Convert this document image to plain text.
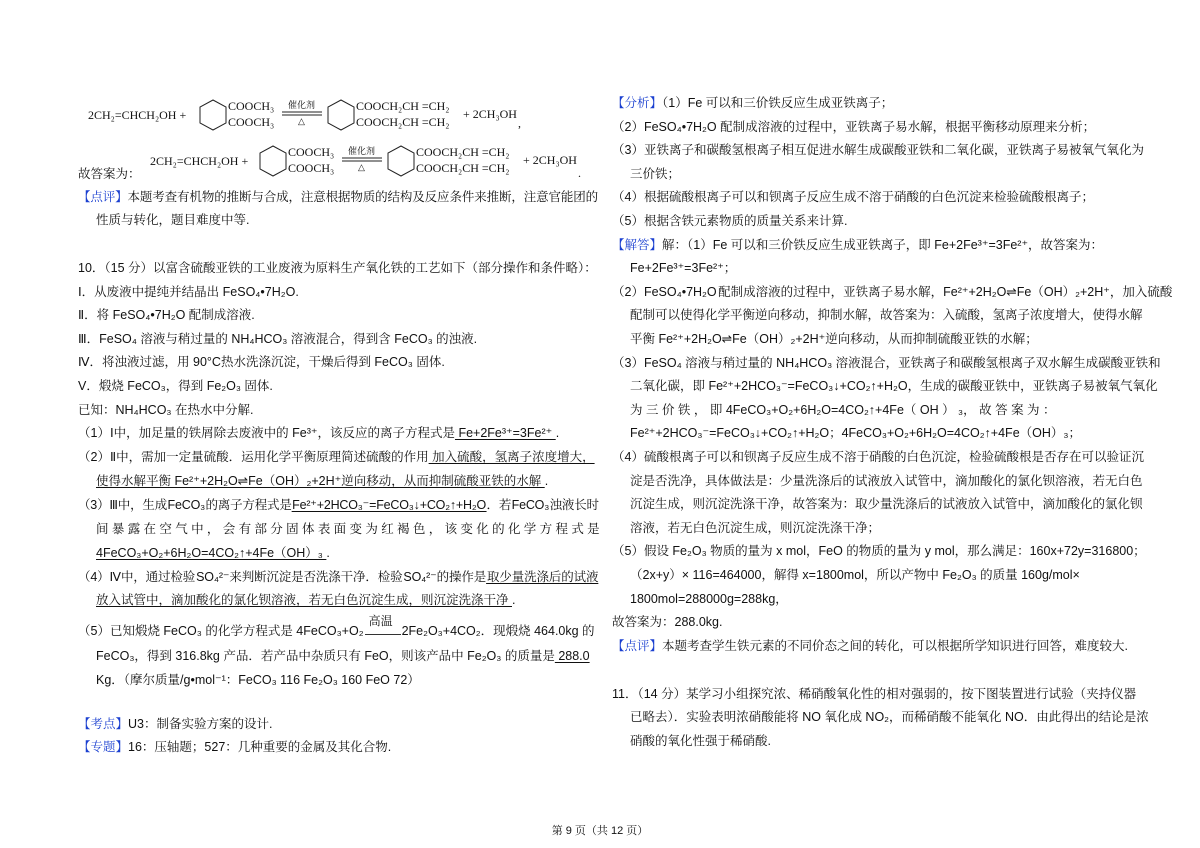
2CH₂=CHCH₂OH +
COOCH₃
COOCH₃
催化剂
△
COOCH₂CH =CH₂
COOCH₂CH =CH₂
+ 2CH₃OH
,
故答案为：
2CH₂=CHCH₂OH +
COOCH₃
COOCH₃
催化剂
△
COOCH₂CH =CH₂
COOCH₂CH =CH₂
+ 2CH₃OH
.
【点评】本题考查有机物的推断与合成，注意根据物质的结构及反应条件来推断，注意官能团的
性质与转化，题目难度中等.
10．（15 分）以富含硫酸亚铁的工业废液为原料生产氧化铁的工艺如下（部分操作和条件略）：
Ⅰ．从废液中提纯并结晶出 FeSO₄•7H₂O.
Ⅱ．将 FeSO₄•7H₂O 配制成溶液.
Ⅲ．FeSO₄ 溶液与稍过量的 NH₄HCO₃ 溶液混合，得到含 FeCO₃ 的浊液.
Ⅳ．将浊液过滤，用 90°C热水洗涤沉淀，干燥后得到 FeCO₃ 固体.
V．煅烧 FeCO₃，得到 Fe₂O₃ 固体.
已知：NH₄HCO₃ 在热水中分解.
（1）Ⅰ中，加足量的铁屑除去废液中的 Fe³⁺，该反应的离子方程式是 Fe+2Fe³⁺=3Fe²⁺ .
（2）Ⅱ中，需加一定量硫酸．运用化学平衡原理简述硫酸的作用 加入硫酸，氢离子浓度增大，
使得水解平衡 Fe²⁺+2H₂O⇌Fe（OH）₂+2H⁺逆向移动，从而抑制硫酸亚铁的水解 .
（3）Ⅲ中，生成 FeCO₃ 的离子方程式是 Fe²⁺+2HCO₃⁻=FeCO₃↓+CO₂↑+H₂O ．若 FeCO₃ 浊液长时
间 暴 露 在 空 气 中 ， 会 有 部 分 固 体 表 面 变 为 红 褐 色 ， 该 变 化 的 化 学 方 程 式 是
4FeCO₃+O₂+6H₂O=4CO₂↑+4Fe（OH）₃ .
（4）Ⅳ中，通过检验 SO₄²⁻来判断沉淀是否洗涤干净．检验 SO₄²⁻的操作是 取少量洗涤后的试液
放入试管中，滴加酸化的氯化钡溶液，若无白色沉淀生成，则沉淀洗涤干净 .
（5）已知煅烧 FeCO₃ 的化学方程式是 4FeCO₃+O₂
高温
2Fe₂O₃+4CO₂．现煅烧 464.0kg 的
FeCO₃，得到 316.8kg 产品．若产品中杂质只有 FeO，则该产品中 Fe₂O₃ 的质量是 288.0
Kg．（摩尔质量/g•mol⁻¹：FeCO₃ 116 Fe₂O₃ 160 FeO 72）
【考点】U3：制备实验方案的设计.
【专题】16：压轴题；527：几种重要的金属及其化合物.
【分析】（1）Fe 可以和三价铁反应生成亚铁离子；
（2）FeSO₄•7H₂O 配制成溶液的过程中，亚铁离子易水解，根据平衡移动原理来分析；
（3）亚铁离子和碳酸氢根离子相互促进水解生成碳酸亚铁和二氧化碳，亚铁离子易被氧气氧化为
三价铁；
（4）根据硫酸根离子可以和钡离子反应生成不溶于硝酸的白色沉淀来检验硫酸根离子；
（5）根据含铁元素物质的质量关系来计算.
【解答】解：（1）Fe 可以和三价铁反应生成亚铁离子，即 Fe+2Fe³⁺=3Fe²⁺，故答案为：
Fe+2Fe³⁺=3Fe²⁺；
（2）FeSO₄•7H₂O 配制成溶液的过程中，亚铁离子易水解，Fe²⁺+2H₂O⇌Fe（OH）₂+2H⁺，加入硫酸
配制可以使得化学平衡逆向移动，抑制水解，故答案为：入硫酸，氢离子浓度增大，使得水解
平衡 Fe²⁺+2H₂O⇌Fe（OH）₂+2H⁺逆向移动，从而抑制硫酸亚铁的水解；
（3）FeSO₄ 溶液与稍过量的 NH₄HCO₃ 溶液混合，亚铁离子和碳酸氢根离子双水解生成碳酸亚铁和
二氧化碳，即 Fe²⁺+2HCO₃⁻=FeCO₃↓+CO₂↑+H₂O，生成的碳酸亚铁中，亚铁离子易被氧气氧化
为 三 价 铁 ， 即 4FeCO₃+O₂+6H₂O=4CO₂↑+4Fe（ OH ） ₃， 故 答 案 为 ：
Fe²⁺+2HCO₃⁻=FeCO₃↓+CO₂↑+H₂O；4FeCO₃+O₂+6H₂O=4CO₂↑+4Fe（OH）₃；
（4）硫酸根离子可以和钡离子反应生成不溶于硝酸的白色沉淀，检验硫酸根是否存在可以验证沉
淀是否洗净，具体做法是：少量洗涤后的试液放入试管中，滴加酸化的氯化钡溶液，若无白色
沉淀生成，则沉淀洗涤干净，故答案为：取少量洗涤后的试液放入试管中，滴加酸化的氯化钡
溶液，若无白色沉淀生成，则沉淀洗涤干净；
（5）假设 Fe₂O₃ 物质的量为 x mol，FeO 的物质的量为 y mol，那么满足：160x+72y=316800；
（2x+y）× 116=464000，解得 x=1800mol，所以产物中 Fe₂O₃ 的质量 160g/mol×
1800mol=288000g=288kg，
故答案为：288.0kg.
【点评】本题考查学生铁元素的不同价态之间的转化，可以根据所学知识进行回答，难度较大.
11．（14 分）某学习小组探究浓、稀硝酸氧化性的相对强弱的，按下图装置进行试验（夹持仪器
已略去）．实验表明浓硝酸能将 NO 氧化成 NO₂，而稀硝酸不能氧化 NO．由此得出的结论是浓
硝酸的氧化性强于稀硝酸.
第 9 页（共 12 页）
